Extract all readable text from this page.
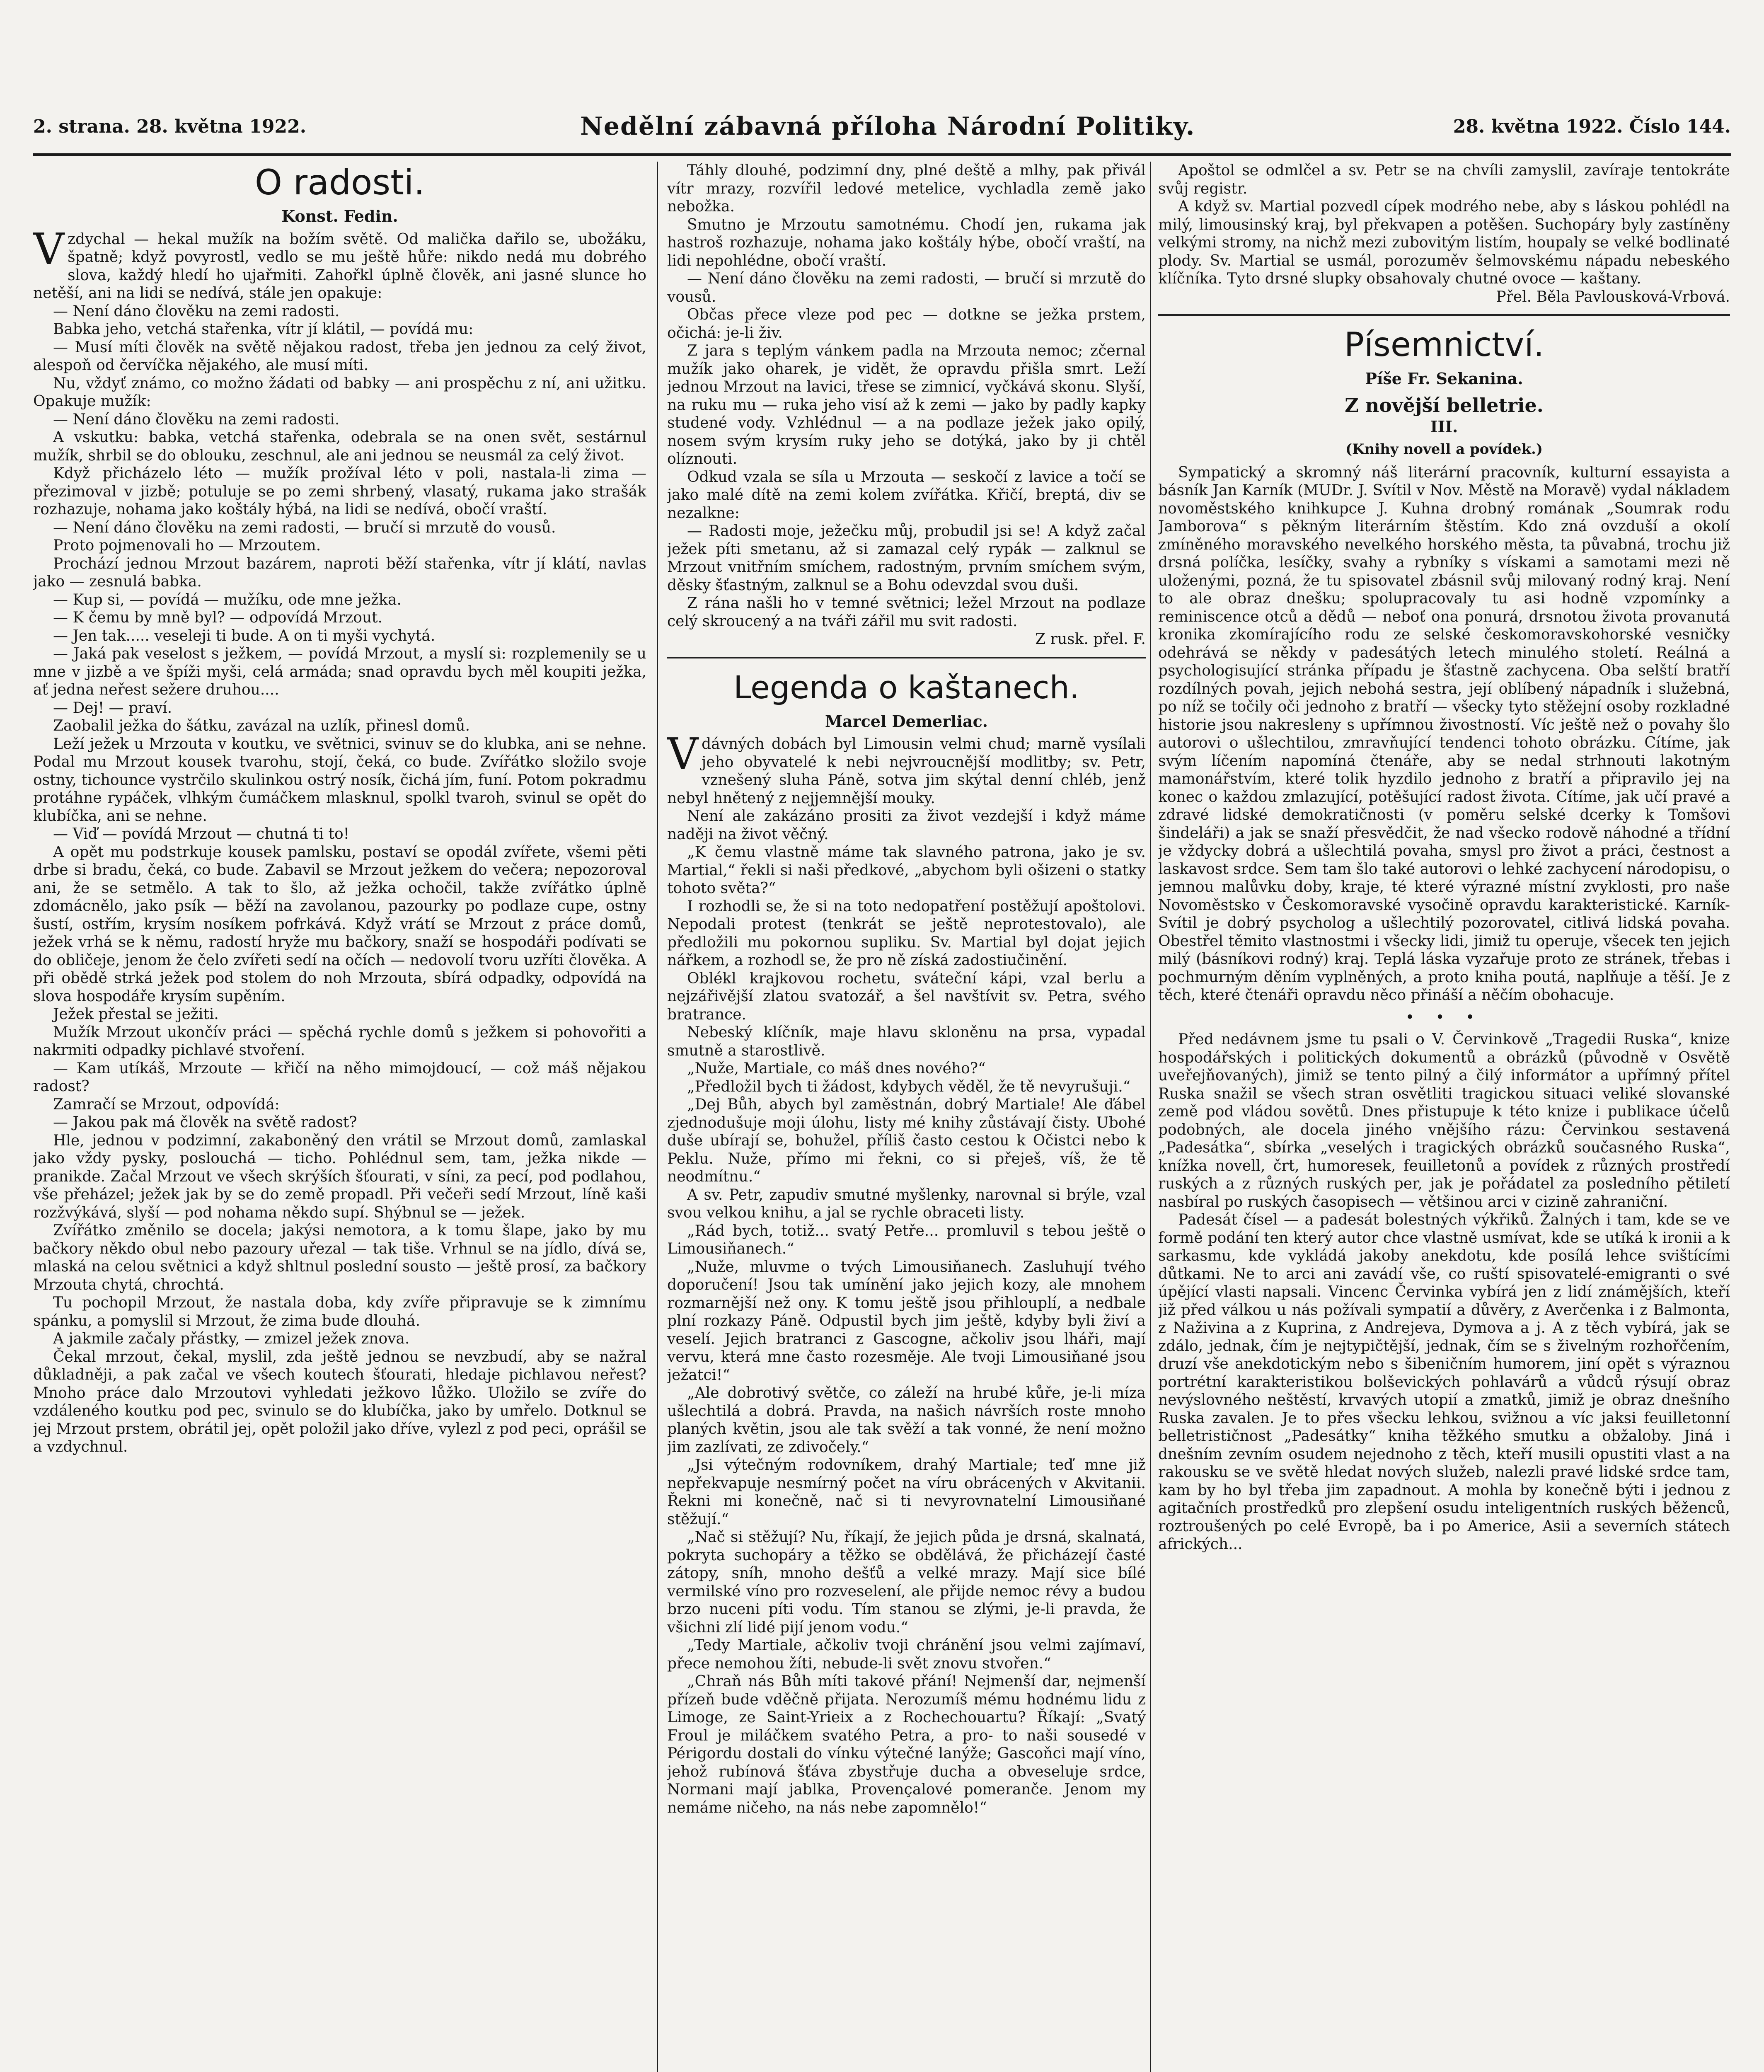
2. strana. 28. května 1922.	Nedělní zábavná příloha Národní Politiky.	28. května 1922. Číslo 144.
O radosti.
Konst. Fedin.

Vzdychal — hekal mužík na božím světě. Od malička dařilo se, ubožáku, špatně; když povyrostl, vedlo se mu ještě hůře: nikdo nedá mu dobrého slova, každý hledí ho ujařmiti. Zahořkl úplně člověk, ani jasné slunce ho netěší, ani na lidi se nedívá, stále jen opakuje:

— Není dáno člověku na zemi radosti.

Babka jeho, vetchá stařenka, vítr jí klátil, — povídá mu:

— Musí míti člověk na světě nějakou radost, třeba jen jednou za celý život, alespoň od červíčka nějakého, ale musí míti.

Nu, vždyť známo, co možno žádati od babky — ani prospěchu z ní, ani užitku. Opakuje mužík:

— Není dáno člověku na zemi radosti.

A vskutku: babka, vetchá stařenka, odebrala se na onen svět, sestárnul mužík, shrbil se do oblouku, zeschnul, ale ani jednou se neusmál za celý život.

Když přicházelo léto — mužík prožíval léto v poli, nastala-li zima — přezimoval v jizbě; potuluje se po zemi shrbený, vlasatý, rukama jako strašák rozhazuje, nohama jako koštály hýbá, na lidi se nedívá, obočí vraští.

— Není dáno člověku na zemi radosti, — bručí si mrzutě do vousů.

Proto pojmenovali ho — Mrzoutem.

Prochází jednou Mrzout bazárem, naproti běží stařenka, vítr jí klátí, navlas jako — zesnulá babka.

— Kup si, — povídá — mužíku, ode mne ježka.

— K čemu by mně byl? — odpovídá Mrzout.

— Jen tak..... veseleji ti bude. A on ti myši vychytá.

— Jaká pak veselost s ježkem, — povídá Mrzout, a myslí si: rozplemenily se u mne v jizbě a ve špíži myši, celá armáda; snad opravdu bych měl koupiti ježka, ať jedna neřest sežere druhou....

— Dej! — praví.

Zaobalil ježka do šátku, zavázal na uzlík, přinesl domů.

Leží ježek u Mrzouta v koutku, ve světnici, svinuv se do klubka, ani se nehne. Podal mu Mrzout kousek tvarohu, stojí, čeká, co bude. Zvířátko složilo svoje ostny, tichounce vystrčilo skulinkou ostrý nosík, čichá jím, funí. Potom pokradmu protáhne rypáček, vlhkým čumáčkem mlasknul, spolkl tvaroh, svinul se opět do klubíčka, ani se nehne.

— Viď — povídá Mrzout — chutná ti to!

A opět mu podstrkuje kousek pamlsku, postaví se opodál zvířete, všemi pěti drbe si bradu, čeká, co bude. Zabavil se Mrzout ježkem do večera; nepozoroval ani, že se setmělo. A tak to šlo, až ježka ochočil, takže zvířátko úplně zdomácnělo, jako psík — běží na zavolanou, pazourky po podlaze cupe, ostny šustí, ostřím, krysím nosíkem pofrkává. Když vrátí se Mrzout z práce domů, ježek vrhá se k němu, radostí hryže mu bačkory, snaží se hospodáři podívati se do obličeje, jenom že čelo zvířeti sedí na očích — nedovolí tvoru uzříti člověka. A při obědě strká ježek pod stolem do noh Mrzouta, sbírá odpadky, odpovídá na slova hospodáře krysím supěním.

Ježek přestal se ježiti.

Mužík Mrzout ukončív práci — spěchá rychle domů s ježkem si pohovořiti a nakrmiti odpadky pichlavé stvoření.

— Kam utíkáš, Mrzoute — křičí na něho mimojdoucí, — což máš nějakou radost?

Zamračí se Mrzout, odpovídá:

— Jakou pak má člověk na světě radost?

Hle, jednou v podzimní, zakaboněný den vrátil se Mrzout domů, zamlaskal jako vždy pysky, poslouchá — ticho. Pohlédnul sem, tam, ježka nikde — pranikde. Začal Mrzout ve všech skrýších šťourati, v síni, za pecí, pod podlahou, vše přeházel; ježek jak by se do země propadl. Při večeři sedí Mrzout, líně kaši rozžvýkává, slyší — pod nohama někdo supí. Shýbnul se — ježek.

Zvířátko změnilo se docela; jakýsi nemotora, a k tomu šlape, jako by mu bačkory někdo obul nebo pazoury uřezal — tak tiše. Vrhnul se na jídlo, dívá se, mlaská na celou světnici a když shltnul poslední sousto — ještě prosí, za bačkory Mrzouta chytá, chrochtá.

Tu pochopil Mrzout, že nastala doba, kdy zvíře připravuje se k zimnímu spánku, a pomyslil si Mrzout, že zima bude dlouhá.

A jakmile začaly přástky, — zmizel ježek znova.

Čekal mrzout, čekal, myslil, zda ještě jednou se nevzbudí, aby se nažral důkladněji, a pak začal ve všech koutech šťourati, hledaje pichlavou neřest? Mnoho práce dalo Mrzoutovi vyhledati ježkovo lůžko. Uložilo se zvíře do vzdáleného koutku pod pec, svinulo se do klubíčka, jako by umřelo. Dotknul se jej Mrzout prstem, obrátil jej, opět položil jako dříve, vylezl z pod peci, oprášil se a vzdychnul.

Táhly dlouhé, podzimní dny, plné deště a mlhy, pak přivál vítr mrazy, rozvířil ledové metelice, vychladla země jako nebožka.

Smutno je Mrzoutu samotnému. Chodí jen, rukama jak hastroš rozhazuje, nohama jako koštály hýbe, obočí vraští, na lidi nepohlédne, obočí vraští.

— Není dáno člověku na zemi radosti, — bručí si mrzutě do vousů.

Občas přece vleze pod pec — dotkne se ježka prstem, očichá: je-li živ.

Z jara s teplým vánkem padla na Mrzouta nemoc; zčernal mužík jako oharek, je vidět, že opravdu přišla smrt. Leží jednou Mrzout na lavici, třese se zimnicí, vyčkává skonu. Slyší, na ruku mu — ruka jeho visí až k zemi — jako by padly kapky studené vody. Vzhlédnul — a na podlaze ježek jako opilý, nosem svým krysím ruky jeho se dotýká, jako by ji chtěl olíznouti.

Odkud vzala se síla u Mrzouta — seskočí z lavice a točí se jako malé dítě na zemi kolem zvířátka. Křičí, breptá, div se nezalkne:

— Radosti moje, ježečku můj, probudil jsi se! A když začal ježek píti smetanu, až si zamazal celý rypák — zalknul se Mrzout vnitřním smíchem, radostným, prvním smíchem svým, děsky šťastným, zalknul se a Bohu odevzdal svou duši.

Z rána našli ho v temné světnici; ležel Mrzout na podlaze celý skroucený a na tváři zářil mu svit radosti.

Z rusk. přel. F.

Legenda o kaštanech.
Marcel Demerliac.

Vdávných dobách byl Limousin velmi chud; marně vysílali jeho obyvatelé k nebi nejvroucnější modlitby; sv. Petr, vznešený sluha Páně, sotva jim skýtal denní chléb, jenž nebyl hnětený z nejjemnější mouky.

Není ale zakázáno prositi za život vezdejší i když máme naději na život věčný.

„K čemu vlastně máme tak slavného patrona, jako je sv. Martial,“ řekli si naši předkové, „abychom byli ošizeni o statky tohoto světa?“

I rozhodli se, že si na toto nedopatření postěžují apoštolovi. Nepodali protest (tenkrát se ještě neprotestovalo), ale předložili mu pokornou supliku. Sv. Martial byl dojat jejich nářkem, a rozhodl se, že pro ně získá zadostiučinění.

Oblékl krajkovou rochetu, sváteční kápi, vzal berlu a nejzářivější zlatou svatozář, a šel navštívit sv. Petra, svého bratrance.

Nebeský klíčník, maje hlavu skloněnu na prsa, vypadal smutně a starostlivě.

„Nuže, Martiale, co máš dnes nového?“

„Předložil bych ti žádost, kdybych věděl, že tě nevyrušuji.“

„Dej Bůh, abych byl zaměstnán, dobrý Martiale! Ale ďábel zjednodušuje moji úlohu, listy mé knihy zůstávají čisty. Ubohé duše ubírají se, bohužel, příliš často cestou k Očistci nebo k Peklu. Nuže, přímo mi řekni, co si přeješ, víš, že tě neodmítnu.“

A sv. Petr, zapudiv smutné myšlenky, narovnal si brýle, vzal svou velkou knihu, a jal se rychle obraceti listy.

„Rád bych, totiž... svatý Petře... promluvil s tebou ještě o Limousiňanech.“

„Nuže, mluvme o tvých Limousiňanech. Zasluhují tvého doporučení! Jsou tak umínění jako jejich kozy, ale mnohem rozmarnější než ony. K tomu ještě jsou přihlouplí, a nedbale plní rozkazy Páně. Odpustil bych jim ještě, kdyby byli živí a veselí. Jejich bratranci z Gascogne, ačkoliv jsou lháři, mají vervu, která mne často rozesměje. Ale tvoji Limousiňané jsou ježatci!“

„Ale dobrotivý světče, co záleží na hrubé kůře, je-li míza ušlechtilá a dobrá. Pravda, na našich návrších roste mnoho planých květin, jsou ale tak svěží a tak vonné, že není možno jim zazlívati, ze zdivočely.“

„Jsi výtečným rodovníkem, drahý Martiale; teď mne již nepřekvapuje nesmírný počet na víru obrácených v Akvitanii. Řekni mi konečně, nač si ti nevyrovnatelní Limousiňané stěžují.“

„Nač si stěžují? Nu, říkají, že jejich půda je drsná, skalnatá, pokryta suchopáry a těžko se obdělává, že přicházejí časté zátopy, sníh, mnoho dešťů a velké mrazy. Mají sice bílé vermilské víno pro rozveselení, ale přijde nemoc révy a budou brzo nuceni píti vodu. Tím stanou se zlými, je-li pravda, že všichni zlí lidé pijí jenom vodu.“

„Tedy Martiale, ačkoliv tvoji chránění jsou velmi zajímaví, přece nemohou žíti, nebude-li svět znovu stvořen.“

„Chraň nás Bůh míti takové přání! Nejmenší dar, nejmenší přízeň bude vděčně přijata. Nerozumíš mému hodnému lidu z Limoge, ze Saint-Yrieix a z Rochechouartu? Říkají: „Svatý Froul je miláčkem svatého Petra, a pro- to naši sousedé v Périgordu dostali do vínku výtečné lanýže; Gascoňci mají víno, jehož rubínová šťáva zbystřuje ducha a obveseluje srdce, Normani mají jablka, Provençalové pomeranče. Jenom my nemáme ničeho, na nás nebe zapomnělo!“

Apoštol se odmlčel a sv. Petr se na chvíli zamyslil, zavíraje tentokráte svůj registr.

A když sv. Martial pozvedl cípek modrého nebe, aby s láskou pohlédl na milý, limousinský kraj, byl překvapen a potěšen. Suchopáry byly zastíněny velkými stromy, na nichž mezi zubovitým listím, houpaly se velké bodlinaté plody. Sv. Martial se usmál, porozuměv šelmovskému nápadu nebeského klíčníka. Tyto drsné slupky obsahovaly chutné ovoce — kaštany.

Přel. Běla Pavlousková-Vrbová.

Písemnictví.
Píše Fr. Sekanina.
Z novější belletrie.
III.
(Knihy novell a povídek.)

Sympatický a skromný náš literární pracovník, kulturní essayista a básník Jan Karník (MUDr. J. Svítil v Nov. Městě na Moravě) vydal nákladem novoměstského knihkupce J. Kuhna drobný romának „Soumrak rodu Jamborova“ s pěkným literárním štěstím. Kdo zná ovzduší a okolí zmíněného moravského nevelkého horského města, ta půvabná, trochu již drsná políčka, lesíčky, svahy a rybníky s vískami a samotami mezi ně uloženými, pozná, že tu spisovatel zbásnil svůj milovaný rodný kraj. Není to ale obraz dnešku; spolupracovaly tu asi hodně vzpomínky a reminiscence otců a dědů — neboť ona ponurá, drsnotou života provanutá kronika zkomírajícího rodu ze selské českomoravskohorské vesničky odehrává se někdy v padesátých letech minulého století. Reálná a psychologisující stránka případu je šťastně zachycena. Oba selští bratří rozdílných povah, jejich nebohá sestra, její oblíbený nápadník i služebná, po níž se točily oči jednoho z bratří — všecky tyto stěžejní osoby rozkladné historie jsou nakresleny s upřímnou živostností. Víc ještě než o povahy šlo autorovi o ušlechtilou, zmravňující tendenci tohoto obrázku. Cítíme, jak svým líčením napomíná čtenáře, aby se nedal strhnouti lakotným mamonářstvím, které tolik hyzdilo jednoho z bratří a připravilo jej na konec o každou zmlazující, potěšující radost života. Cítíme, jak učí pravé a zdravé lidské demokratičnosti (v poměru selské dcerky k Tomšovi šindeláři) a jak se snaží přesvědčit, že nad všecko rodově náhodné a třídní je vždycky dobrá a ušlechtilá povaha, smysl pro život a práci, čestnost a laskavost srdce. Sem tam šlo také autorovi o lehké zachycení národopisu, o jemnou malůvku doby, kraje, té které výrazné místní zvyklosti, pro naše Novoměstsko v Českomoravské vysočině opravdu karakteristické. Karník-Svítil je dobrý psycholog a ušlechtilý pozorovatel, citlivá lidská povaha. Obestřel těmito vlastnostmi i všecky lidi, jimiž tu operuje, všecek ten jejich milý (básníkovi rodný) kraj. Teplá láska vyzařuje proto ze stránek, třebas i pochmurným děním vyplněných, a proto kniha poutá, naplňuje a těší. Je z těch, které čtenáři opravdu něco přináší a něčím obohacuje.

• • •

Před nedávnem jsme tu psali o V. Červinkově „Tragedii Ruska“, knize hospodářských i politických dokumentů a obrázků (původně v Osvětě uveřejňovaných), jimiž se tento pilný a čilý informátor a upřímný přítel Ruska snažil se všech stran osvětliti tragickou situaci veliké slovanské země pod vládou sovětů. Dnes přistupuje k této knize i publikace účelů podobných, ale docela jiného vnějšího rázu: Červinkou sestavená „Padesátka“, sbírka „veselých i tragických obrázků současného Ruska“, knížka novell, črt, humoresek, feuilletonů a povídek z různých prostředí ruských a z různých ruských per, jak je pořádatel za posledního pětiletí nasbíral po ruských časopisech — většinou arci v cizině zahraniční.

Padesát čísel — a padesát bolestných výkřiků. Žalných i tam, kde se ve formě podání ten který autor chce vlastně usmívat, kde se utíká k ironii a k sarkasmu, kde vykládá jakoby anekdotu, kde posílá lehce svištícími důtkami. Ne to arci ani zavádí vše, co ruští spisovatelé-emigranti o své úpějící vlasti napsali. Vincenc Červinka vybírá jen z lidí známějších, kteří již před válkou u nás požívali sympatií a důvěry, z Averčenka i z Balmonta, z Naživina a z Kuprina, z Andrejeva, Dymova a j. A z těch vybírá, jak se zdálo, jednak, čím je nejtypičtější, jednak, čím se s živelným rozhořčením, druzí vše anekdotickým nebo s šibeničním humorem, jiní opět s výraznou portrétní karakteristikou bolševických pohlavárů a vůdců rýsují obraz nevýslovného neštěstí, krvavých utopií a zmatků, jimiž je obraz dnešního Ruska zavalen. Je to přes všecku lehkou, svižnou a víc jaksi feuilletonní belletrističnost „Padesátky“ kniha těžkého smutku a obžaloby. Jiná i dnešním zevním osudem nejednoho z těch, kteří musili opustiti vlast a na rakousku se ve světě hledat nových služeb, nalezli pravé lidské srdce tam, kam by ho byl třeba jim zapadnout. A mohla by konečně býti i jednou z agitačních prostředků pro zlepšení osudu inteligentních ruských běženců, roztroušených po celé Evropě, ba i po Americe, Asii a severních státech afrických...
